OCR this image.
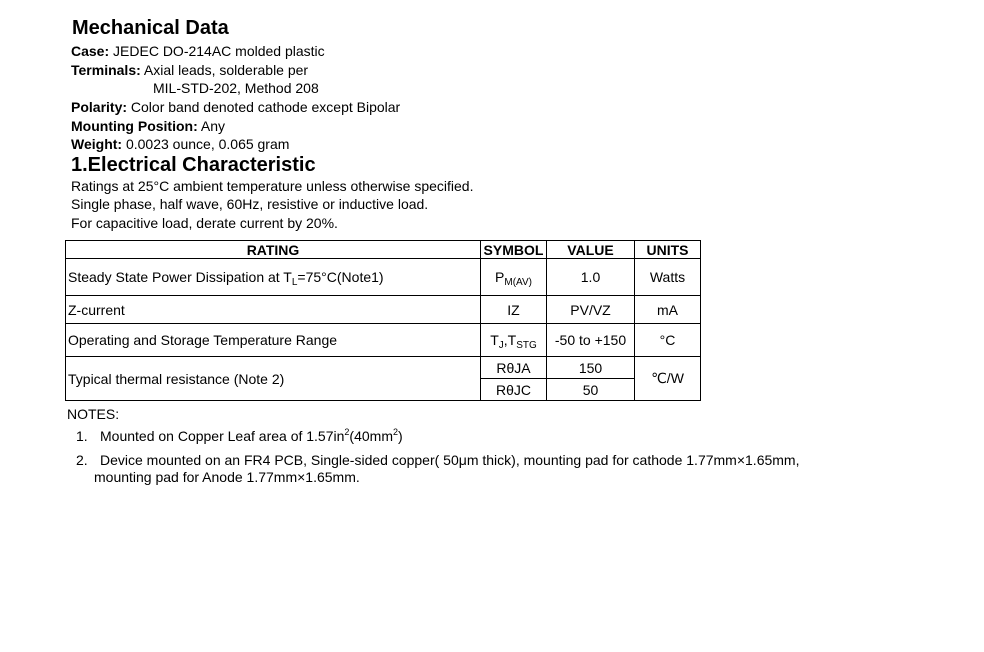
Mechanical Data
Case: JEDEC DO-214AC molded plastic
Terminals: Axial leads, solderable per
MIL-STD-202, Method 208
Polarity: Color band denoted cathode except Bipolar
Mounting Position: Any
Weight: 0.0023 ounce, 0.065 gram
1.Electrical Characteristic
Ratings at 25°C ambient temperature unless otherwise specified.
Single phase, half wave, 60Hz, resistive or inductive load.
For capacitive load, derate current by 20%.
RATING	SYMBOL	VALUE	UNITS
Steady State Power Dissipation at $T_L=75^\circ C(Note1)$	$P_{M(AV)}$	1.0	Watts
Z-current	IZ	PV/VZ	mA
Operating and Storage Temperature Range	$T_J,T_{STG}$	-50 to +150	°C
Typical thermal resistance (Note 2)	RθJA	150	℃/W
	RθJC	50	
NOTES:
1. Mounted on Copper Leaf area of $1.57in^2(40mm^2)$
2. Device mounted on an FR4 PCB, Single-sided copper( 50μm thick), mounting pad for cathode 1.77mm×1.65mm,
mounting pad for Anode 1.77mm×1.65mm.
